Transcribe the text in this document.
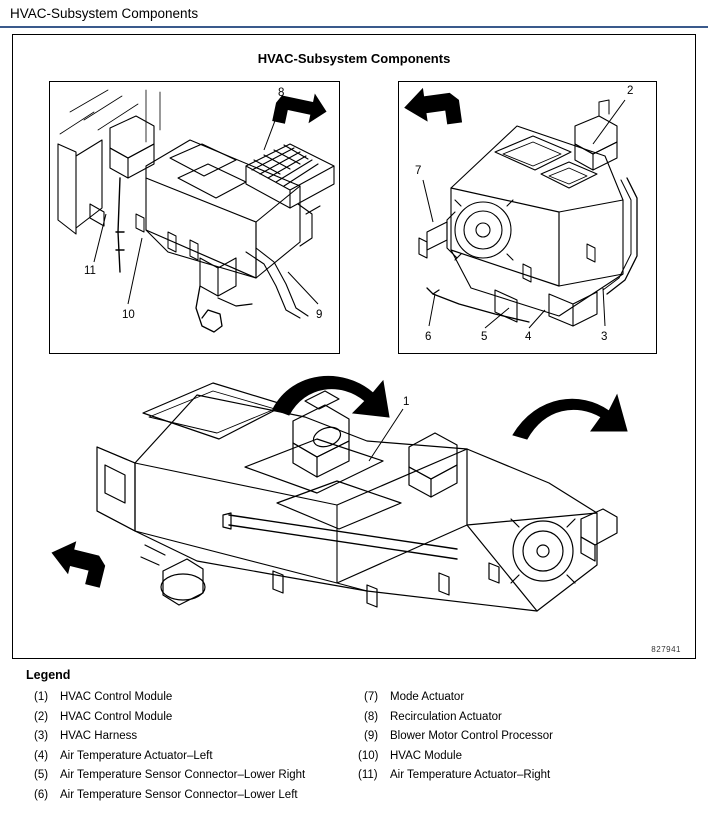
HVAC-Subsystem Components
HVAC-Subsystem Components
8
11
10	9
2
7
6	5	4	3
1
827941
Legend
(1)	HVAC Control Module
(2)	HVAC Control Module
(3)	HVAC Harness
(4)	Air Temperature Actuator–Left
(5)	Air Temperature Sensor Connector–Lower Right
(6)	Air Temperature Sensor Connector–Lower Left
(7)	Mode Actuator
(8)	Recirculation Actuator
(9)	Blower Motor Control Processor
(10)	HVAC Module
(11)	Air Temperature Actuator–Right
